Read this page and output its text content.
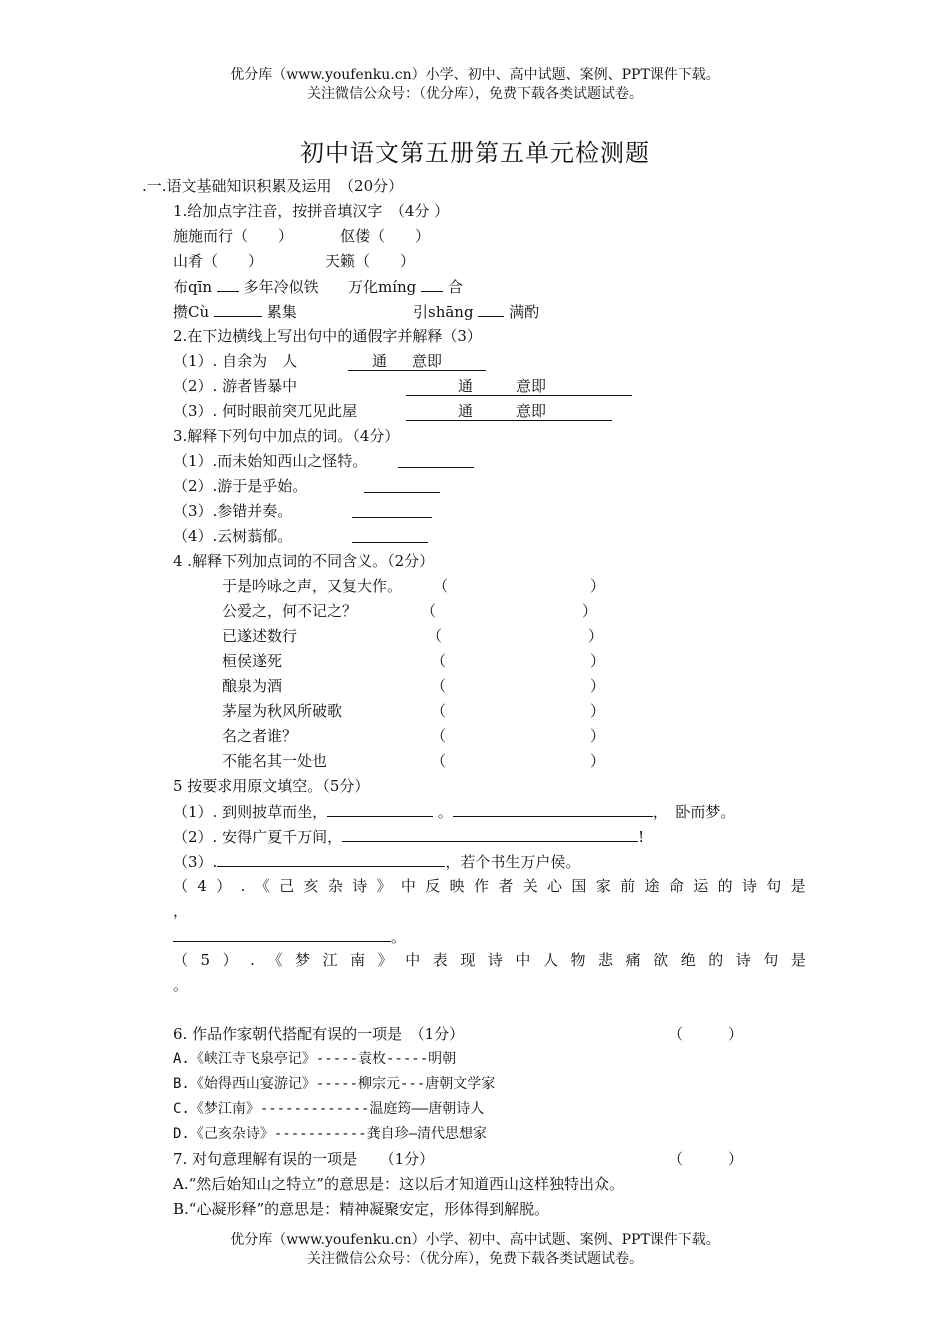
优分库（www.youfenku.cn）小学、初中、高中试题、案例、PPT课件下载。
关注微信公众号：（优分库），免费下载各类试题试卷。
初中语文第五册第五单元检测题
.一.语文基础知识积累及运用　（20分）
1.给加点字注音，按拼音填汉字　（4分 ）
施施而行（　　）	伛偻（　　）
山肴（　　）	天籁（　　）
布qīn 多年冷似铁 万化míng 合
攒Cù	累集	引shāng 满酌
2.在下边横线上写出句中的通假字并解释（3）
（1）. 自余为　人	通 意即
（2）. 游者皆暴中	通	意即
（3）. 何时眼前突兀见此屋	通	意即
3.解释下列句中加点的词。（4分）
（1）.而未始知西山之怪特。
（2）.游于是乎始。
（3）.参错并奏。
（4）.云树蓊郁。
4 .解释下列加点词的不同含义。（2分）
于是吟咏之声，又复大作。 （	）
公爱之，何不记之？	（	）
已遂述数行	（	）
桓侯遂死	（	）
酿泉为酒	（	）
茅屋为秋风所破歌	（	）
名之者谁？	（	）
不能名其一处也	（	）
5 按要求用原文填空。（5分）
（1）. 到则披草而坐，	。	，　卧而梦。
（2）. 安得广夏千万间，	!
（3）.	，若个书生万户侯。
（ 4 ） . 《 己 亥 杂 诗 》 中 反 映 作 者 关 心 国 家 前 途 命 运 的 诗 句 是
，
。
（ 5 ） . 《 梦 江 南 》 中 表 现 诗 中 人 物 悲 痛 欲 绝 的 诗 句 是
。
6. 作品作家朝代搭配有误的一项是　（1分）	（　　　）
A.《峡江寺飞泉亭记》-----袁枚-----明朝
B.《始得西山宴游记》-----柳宗元---唐朝文学家
C.《梦江南》-------------温庭筠——唐朝诗人
D.《己亥杂诗》-----------龚自珍—清代思想家
7. 对句意理解有误的一项是　　（1分）	（　　　）
A.“然后始知山之特立”的意思是：这以后才知道西山这样独特出众。
B.“心凝形释”的意思是：精神凝聚安定，形体得到解脱。
优分库（www.youfenku.cn）小学、初中、高中试题、案例、PPT课件下载。
关注微信公众号：（优分库），免费下载各类试题试卷。
